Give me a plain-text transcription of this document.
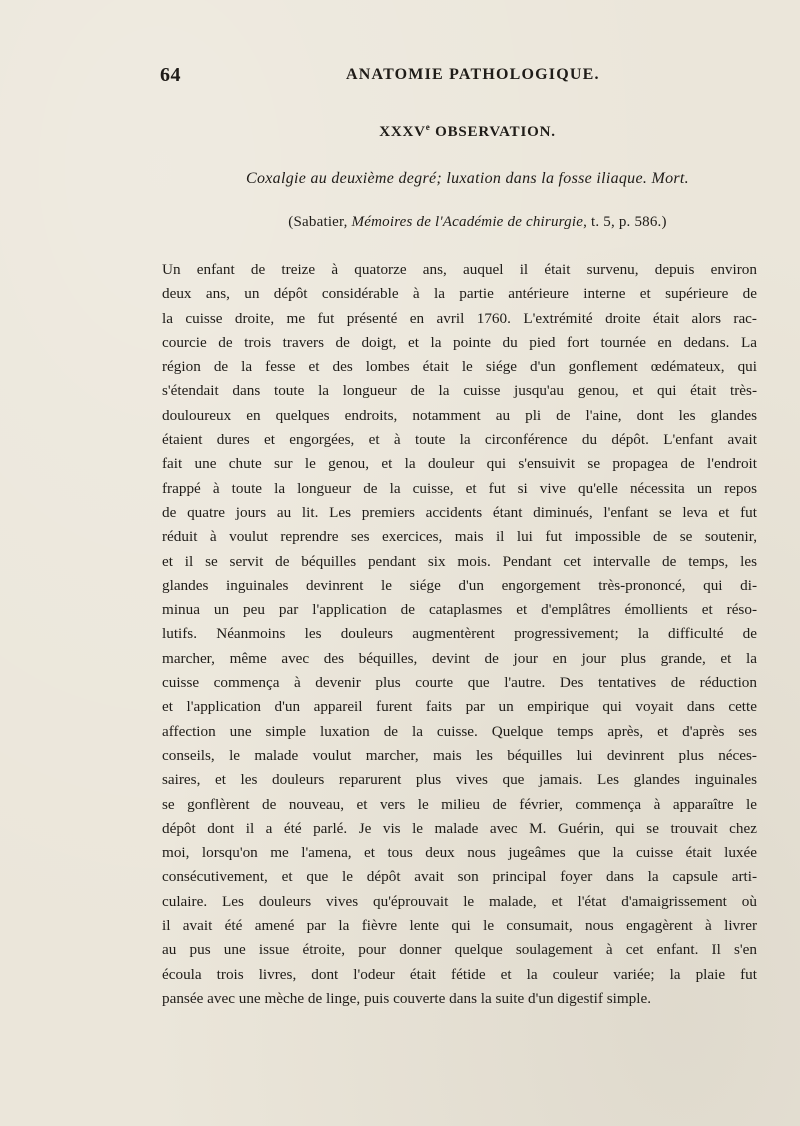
64	ANATOMIE PATHOLOGIQUE.
XXXVe OBSERVATION.
Coxalgie au deuxième degré; luxation dans la fosse iliaque. Mort.
(Sabatier, Mémoires de l'Académie de chirurgie, t. 5, p. 586.)
Un enfant de treize à quatorze ans, auquel il était survenu, depuis environ
deux ans, un dépôt considérable à la partie antérieure interne et supérieure de
la cuisse droite, me fut présenté en avril 1760. L'extrémité droite était alors rac-
courcie de trois travers de doigt, et la pointe du pied fort tournée en dedans. La
région de la fesse et des lombes était le siége d'un gonflement œdémateux, qui
s'étendait dans toute la longueur de la cuisse jusqu'au genou, et qui était très-
douloureux en quelques endroits, notamment au pli de l'aine, dont les glandes
étaient dures et engorgées, et à toute la circonférence du dépôt. L'enfant avait
fait une chute sur le genou, et la douleur qui s'ensuivit se propagea de l'endroit
frappé à toute la longueur de la cuisse, et fut si vive qu'elle nécessita un repos
de quatre jours au lit. Les premiers accidents étant diminués, l'enfant se leva et fut
réduit à voulut reprendre ses exercices, mais il lui fut impossible de se soutenir,
et il se servit de béquilles pendant six mois. Pendant cet intervalle de temps, les
glandes inguinales devinrent le siége d'un engorgement très-prononcé, qui di-
minua un peu par l'application de cataplasmes et d'emplâtres émollients et réso-
lutifs. Néanmoins les douleurs augmentèrent progressivement; la difficulté de
marcher, même avec des béquilles, devint de jour en jour plus grande, et la
cuisse commença à devenir plus courte que l'autre. Des tentatives de réduction
et l'application d'un appareil furent faits par un empirique qui voyait dans cette
affection une simple luxation de la cuisse. Quelque temps après, et d'après ses
conseils, le malade voulut marcher, mais les béquilles lui devinrent plus néces-
saires, et les douleurs reparurent plus vives que jamais. Les glandes inguinales
se gonflèrent de nouveau, et vers le milieu de février, commença à apparaître le
dépôt dont il a été parlé. Je vis le malade avec M. Guérin, qui se trouvait chez
moi, lorsqu'on me l'amena, et tous deux nous jugeâmes que la cuisse était luxée
consécutivement, et que le dépôt avait son principal foyer dans la capsule arti-
culaire. Les douleurs vives qu'éprouvait le malade, et l'état d'amaigrissement où
il avait été amené par la fièvre lente qui le consumait, nous engagèrent à livrer
au pus une issue étroite, pour donner quelque soulagement à cet enfant. Il s'en
écoula trois livres, dont l'odeur était fétide et la couleur variée; la plaie fut
pansée avec une mèche de linge, puis couverte dans la suite d'un digestif simple.
